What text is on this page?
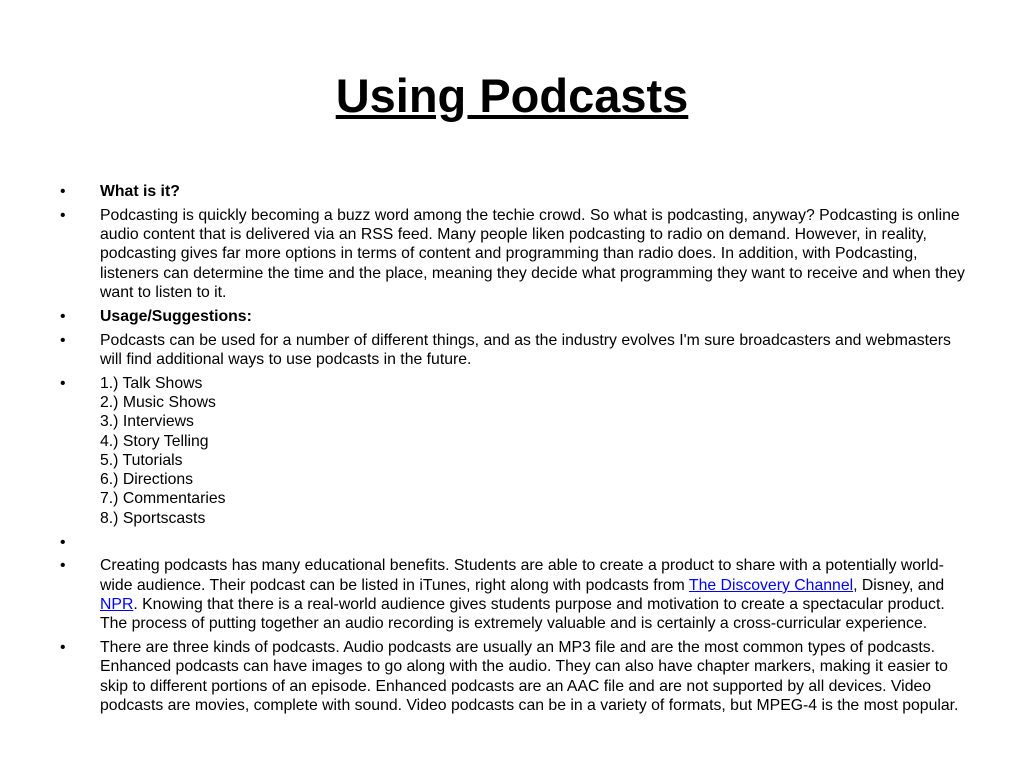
Using Podcasts
•	What is it?
•	Podcasting is quickly becoming a buzz word among the techie crowd. So what is podcasting, anyway? Podcasting is online audio content that is delivered via an RSS feed. Many people liken podcasting to radio on demand. However, in reality, podcasting gives far more options in terms of content and programming than radio does. In addition, with Podcasting, listeners can determine the time and the place, meaning they decide what programming they want to receive and when they want to listen to it.
•	Usage/Suggestions:
•	Podcasts can be used for a number of different things, and as the industry evolves I'm sure broadcasters and webmasters will find additional ways to use podcasts in the future.
•	1.) Talk Shows
2.) Music Shows
3.) Interviews
4.) Story Telling
5.) Tutorials
6.) Directions
7.) Commentaries
8.) Sportscasts
•

•	Creating podcasts has many educational benefits. Students are able to create a product to share with a potentially world-wide audience. Their podcast can be listed in iTunes, right along with podcasts from The Discovery Channel, Disney, and NPR. Knowing that there is a real-world audience gives students purpose and motivation to create a spectacular product. The process of putting together an audio recording is extremely valuable and is certainly a cross-curricular experience.
•	There are three kinds of podcasts. Audio podcasts are usually an MP3 file and are the most common types of podcasts. Enhanced podcasts can have images to go along with the audio. They can also have chapter markers, making it easier to skip to different portions of an episode. Enhanced podcasts are an AAC file and are not supported by all devices. Video podcasts are movies, complete with sound. Video podcasts can be in a variety of formats, but MPEG-4 is the most popular.
